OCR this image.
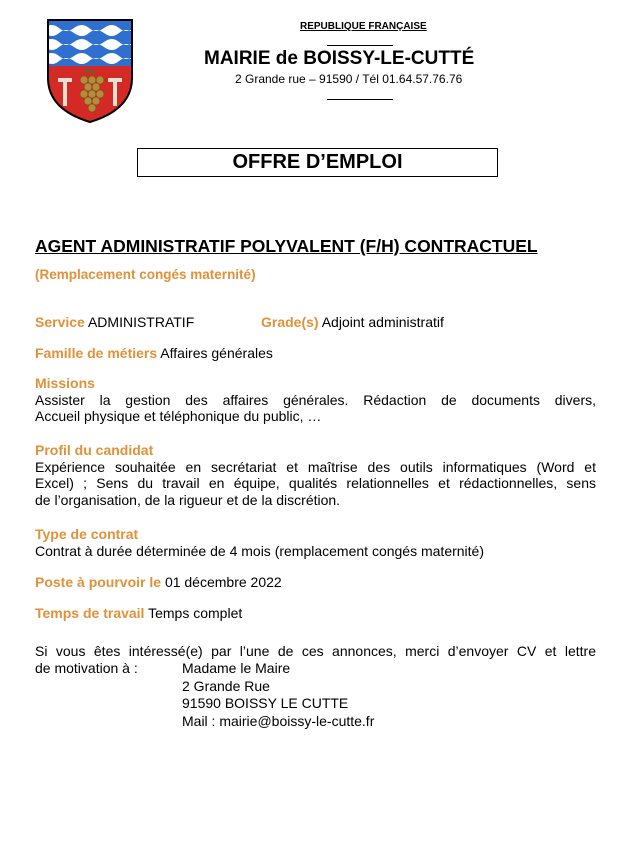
REPUBLIQUE FRANÇAISE
MAIRIE de BOISSY-LE-CUTTÉ
2 Grande rue – 91590 / Tél 01.64.57.76.76
OFFRE D’EMPLOI
AGENT ADMINISTRATIF POLYVALENT (F/H) CONTRACTUEL
(Remplacement congés maternité)
Service ADMINISTRATIF	Grade(s) Adjoint administratif
Famille de métiers Affaires générales
Missions
Assister la gestion des affaires générales. Rédaction de documents divers,
Accueil physique et téléphonique du public, …
Profil du candidat
Expérience souhaitée en secrétariat et maîtrise des outils informatiques (Word et
Excel) ; Sens du travail en équipe, qualités relationnelles et rédactionnelles, sens
de l’organisation, de la rigueur et de la discrétion.
Type de contrat
Contrat à durée déterminée de 4 mois (remplacement congés maternité)
Poste à pourvoir le 01 décembre 2022
Temps de travail Temps complet
Si vous êtes intéressé(e) par l’une de ces annonces, merci d’envoyer CV et lettre
de motivation à :	Madame le Maire
2 Grande Rue
91590 BOISSY LE CUTTE
Mail : mairie@boissy-le-cutte.fr
